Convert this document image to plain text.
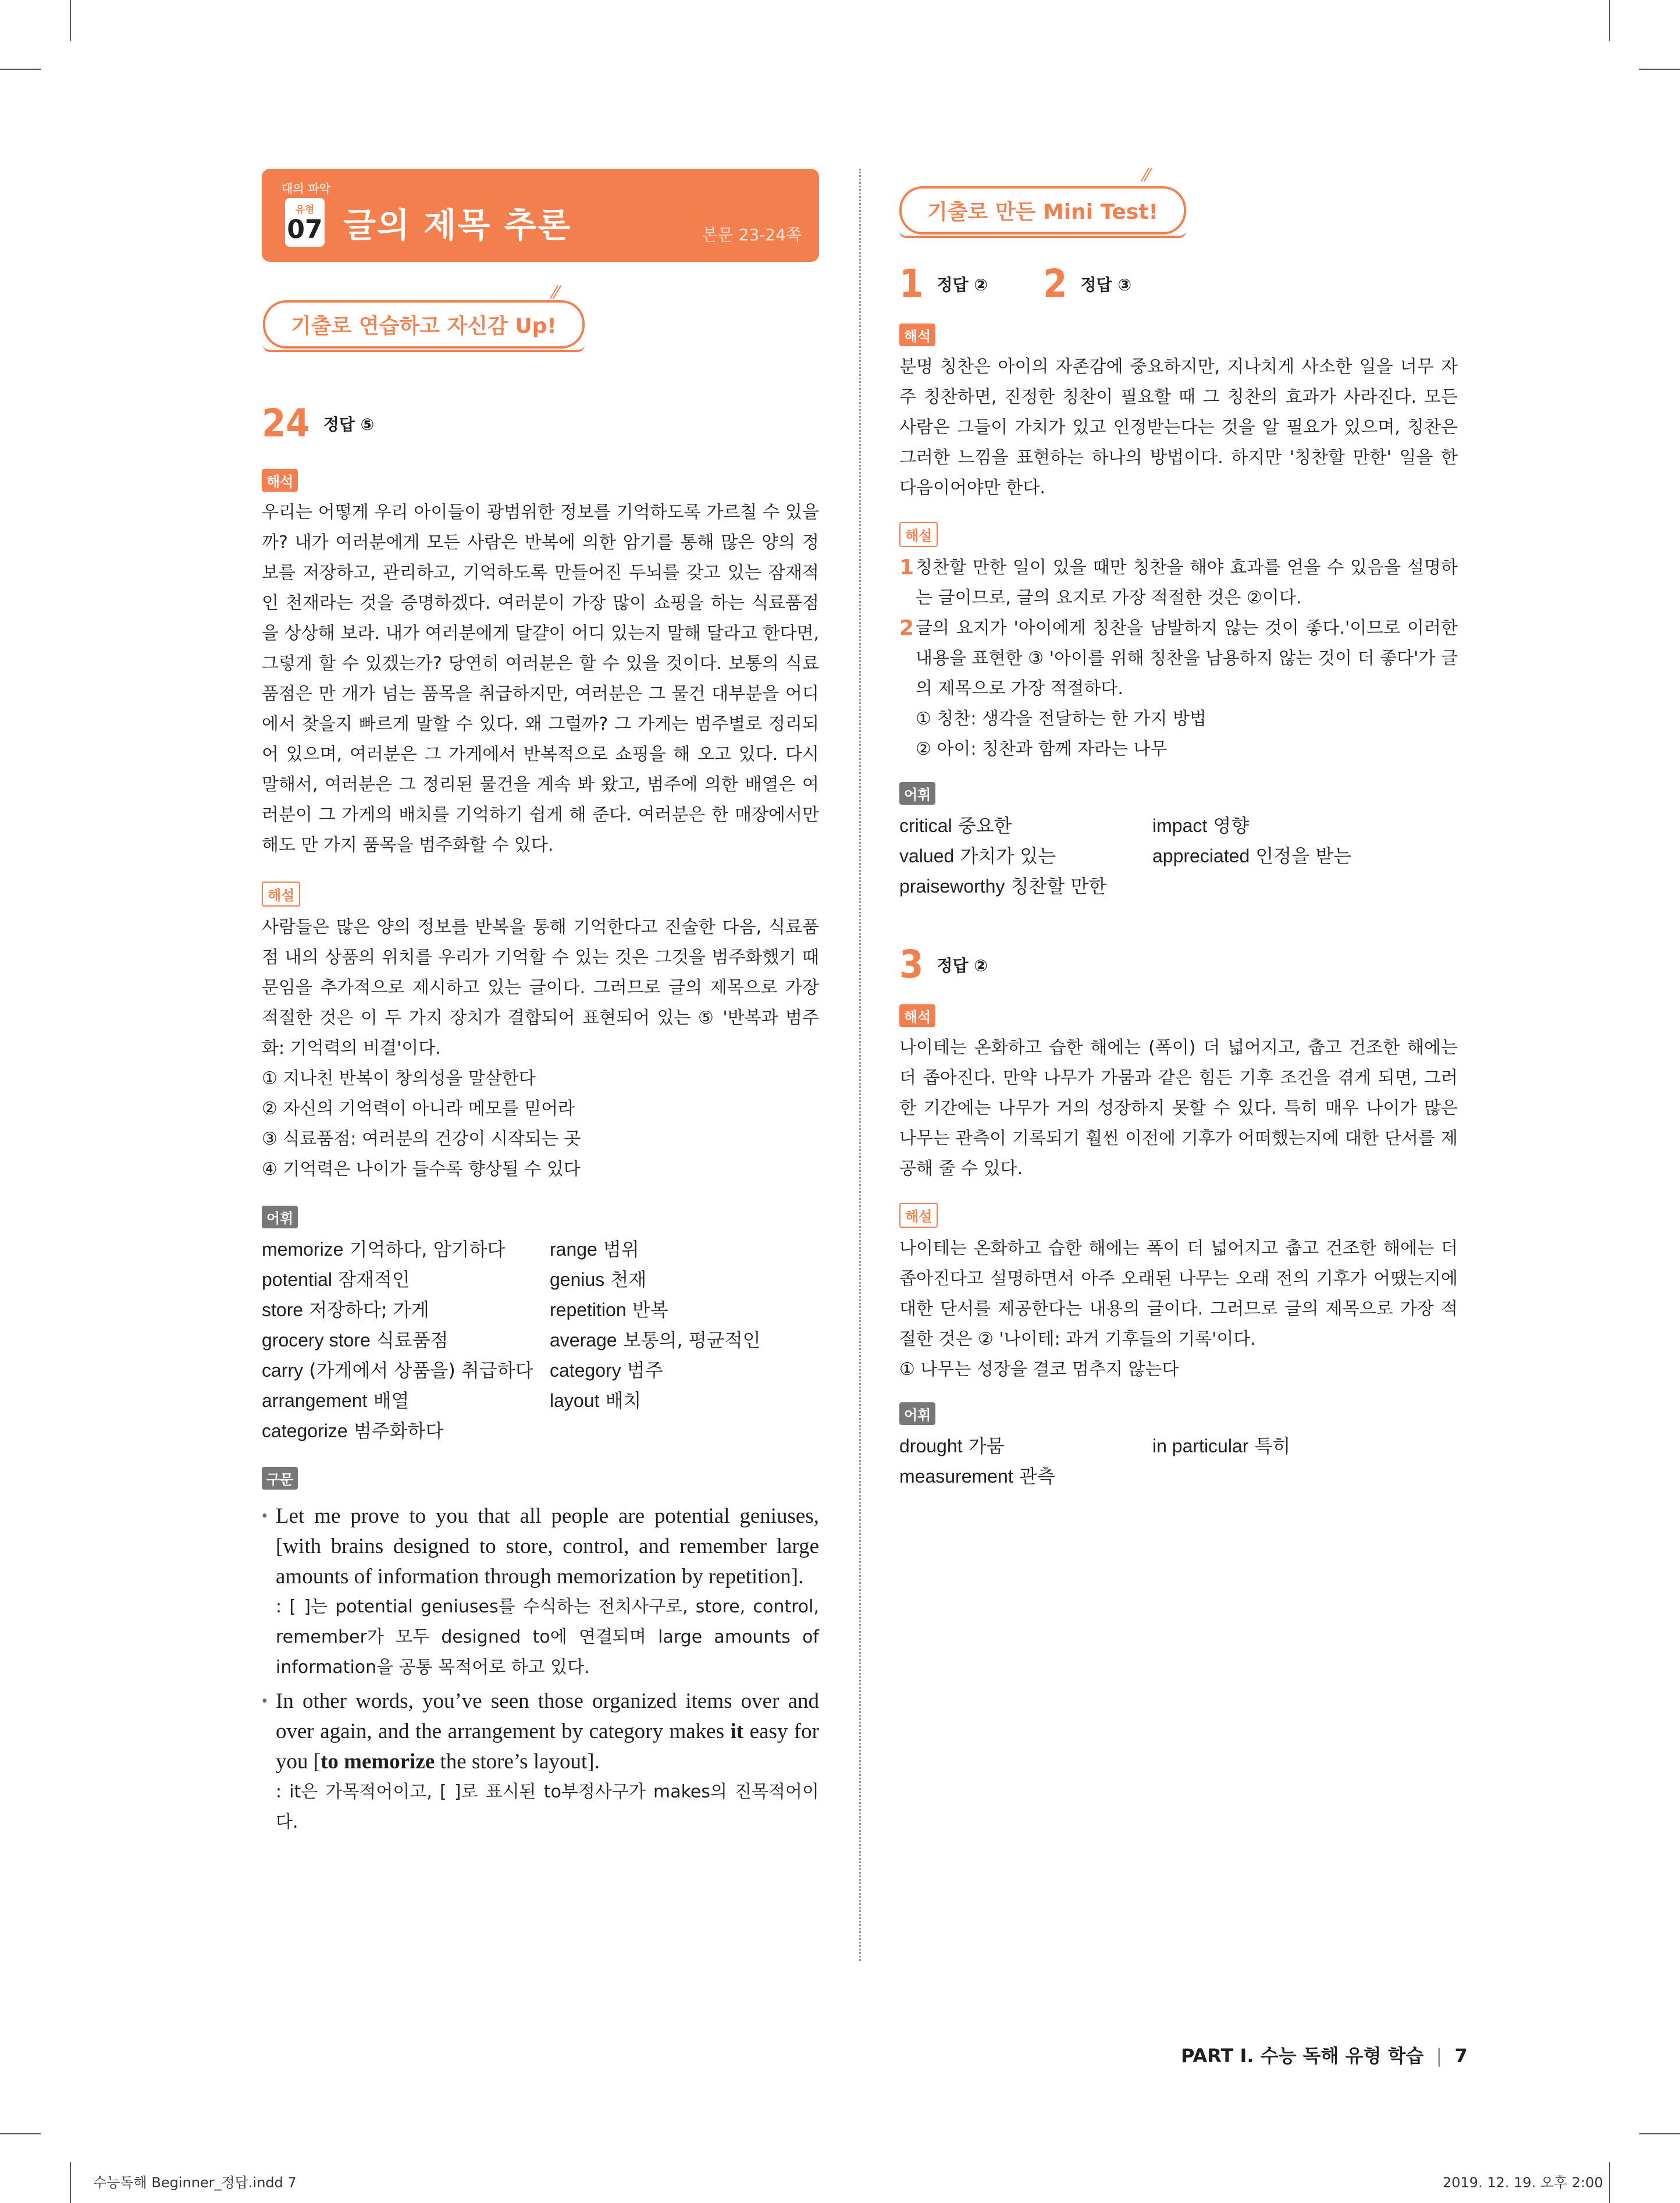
대의 파악
유형
07 글의 제목 추론	본문 23-24쪽
기출로 연습하고 자신감 Up!
⁄⁄
24 정답 ⑤
해석

우리는 어떻게 우리 아이들이 광범위한 정보를 기억하도록 가르칠 수 있을까? 내가 여러분에게 모든 사람은 반복에 의한 암기를 통해 많은 양의 정보를 저장하고, 관리하고, 기억하도록 만들어진 두뇌를 갖고 있는 잠재적인 천재라는 것을 증명하겠다. 여러분이 가장 많이 쇼핑을 하는 식료품점을 상상해 보라. 내가 여러분에게 달걀이 어디 있는지 말해 달라고 한다면, 그렇게 할 수 있겠는가? 당연히 여러분은 할 수 있을 것이다. 보통의 식료품점은 만 개가 넘는 품목을 취급하지만, 여러분은 그 물건 대부분을 어디에서 찾을지 빠르게 말할 수 있다. 왜 그럴까? 그 가게는 범주별로 정리되어 있으며, 여러분은 그 가게에서 반복적으로 쇼핑을 해 오고 있다. 다시 말해서, 여러분은 그 정리된 물건을 계속 봐 왔고, 범주에 의한 배열은 여러분이 그 가게의 배치를 기억하기 쉽게 해 준다. 여러분은 한 매장에서만 해도 만 가지 품목을 범주화할 수 있다.

해설

사람들은 많은 양의 정보를 반복을 통해 기억한다고 진술한 다음, 식료품점 내의 상품의 위치를 우리가 기억할 수 있는 것은 그것을 범주화했기 때문임을 추가적으로 제시하고 있는 글이다. 그러므로 글의 제목으로 가장 적절한 것은 이 두 가지 장치가 결합되어 표현되어 있는 ⑤ '반복과 범주화: 기억력의 비결'이다.

① 지나친 반복이 창의성을 말살한다
② 자신의 기억력이 아니라 메모를 믿어라
③ 식료품점: 여러분의 건강이 시작되는 곳
④ 기억력은 나이가 들수록 향상될 수 있다
어휘
memorize 기억하다, 암기하다	range 범위
potential 잠재적인	genius 천재
store 저장하다; 가게	repetition 반복
grocery store 식료품점	average 보통의, 평균적인
carry (가게에서 상품을) 취급하다 category 범주
arrangement 배열	layout 배치
categorize 범주화하다
구문
• Let me prove to you that all people are potential geniuses, [with brains designed to store, control, and remember large amounts of information through memorization by repetition].
: [ ]는 potential geniuses를 수식하는 전치사구로, store, control, remember가 모두 designed to에 연결되며 large amounts of information을 공통 목적어로 하고 있다.
• In other words, you’ve seen those organized items over and over again, and the arrangement by category makes it easy for you [to memorize the store’s layout].
: it은 가목적어이고, [ ]로 표시된 to부정사구가 makes의 진목적어이다.
기출로 만든 Mini Test!
⁄⁄
1 정답 ② 2 정답 ③
해석

분명 칭찬은 아이의 자존감에 중요하지만, 지나치게 사소한 일을 너무 자주 칭찬하면, 진정한 칭찬이 필요할 때 그 칭찬의 효과가 사라진다. 모든 사람은 그들이 가치가 있고 인정받는다는 것을 알 필요가 있으며, 칭찬은 그러한 느낌을 표현하는 하나의 방법이다. 하지만 '칭찬할 만한' 일을 한 다음이어야만 한다.

해설
1 칭찬할 만한 일이 있을 때만 칭찬을 해야 효과를 얻을 수 있음을 설명하는 글이므로, 글의 요지로 가장 적절한 것은 ②이다.
2 글의 요지가 '아이에게 칭찬을 남발하지 않는 것이 좋다.'이므로 이러한 내용을 표현한 ③ '아이를 위해 칭찬을 남용하지 않는 것이 더 좋다'가 글의 제목으로 가장 적절하다.
① 칭찬: 생각을 전달하는 한 가지 방법
② 아이: 칭찬과 함께 자라는 나무
어휘
critical 중요한	impact 영향
valued 가치가 있는	appreciated 인정을 받는
praiseworthy 칭찬할 만한
3 정답 ②
해석

나이테는 온화하고 습한 해에는 (폭이) 더 넓어지고, 춥고 건조한 해에는 더 좁아진다. 만약 나무가 가뭄과 같은 힘든 기후 조건을 겪게 되면, 그러한 기간에는 나무가 거의 성장하지 못할 수 있다. 특히 매우 나이가 많은 나무는 관측이 기록되기 훨씬 이전에 기후가 어떠했는지에 대한 단서를 제공해 줄 수 있다.

해설

나이테는 온화하고 습한 해에는 폭이 더 넓어지고 춥고 건조한 해에는 더 좁아진다고 설명하면서 아주 오래된 나무는 오래 전의 기후가 어땠는지에 대한 단서를 제공한다는 내용의 글이다. 그러므로 글의 제목으로 가장 적절한 것은 ② '나이테: 과거 기후들의 기록'이다.

① 나무는 성장을 결코 멈추지 않는다
어휘
drought 가뭄	in particular 특히
measurement 관측
PART Ⅰ. 수능 독해 유형 학습 | 7
수능독해 Beginner_정답.indd 7	2019. 12. 19. 오후 2:00
